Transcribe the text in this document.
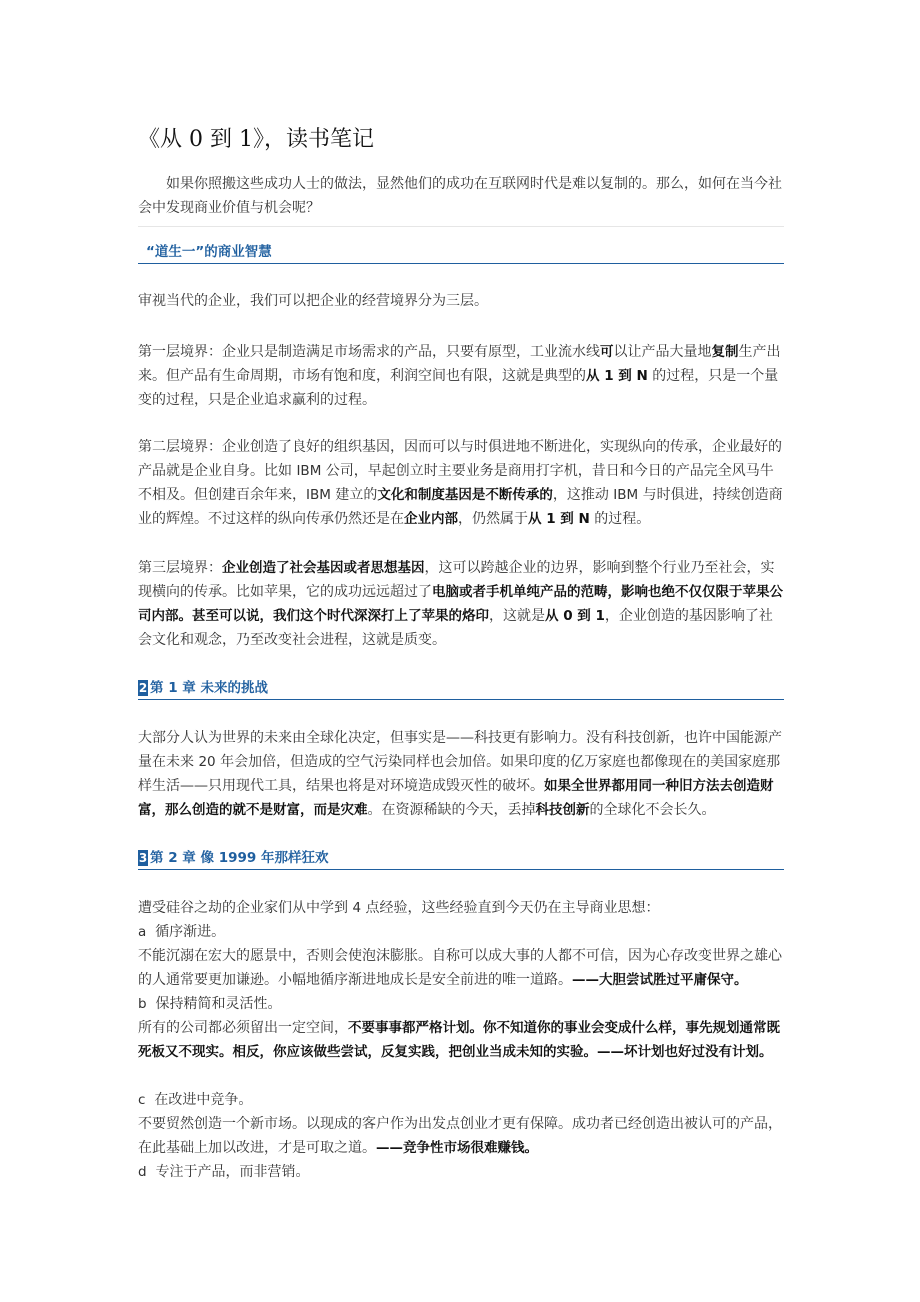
《从 0 到 1》，读书笔记
如果你照搬这些成功人士的做法，显然他们的成功在互联网时代是难以复制的。那么，如何在当今社会中发现商业价值与机会呢？
“道生一”的商业智慧

审视当代的企业，我们可以把企业的经营境界分为三层。

第一层境界：企业只是制造满足市场需求的产品，只要有原型，工业流水线可以让产品大量地复制生产出来。但产品有生命周期，市场有饱和度，利润空间也有限，这就是典型的从 1 到 N 的过程，只是一个量变的过程，只是企业追求赢利的过程。

第二层境界：企业创造了良好的组织基因，因而可以与时俱进地不断进化，实现纵向的传承，企业最好的产品就是企业自身。比如 IBM 公司，早起创立时主要业务是商用打字机，昔日和今日的产品完全风马牛不相及。但创建百余年来，IBM 建立的文化和制度基因是不断传承的，这推动 IBM 与时俱进，持续创造商业的辉煌。不过这样的纵向传承仍然还是在企业内部，仍然属于从 1 到 N 的过程。

第三层境界：企业创造了社会基因或者思想基因，这可以跨越企业的边界，影响到整个行业乃至社会，实现横向的传承。比如苹果，它的成功远远超过了电脑或者手机单纯产品的范畴，影响也绝不仅仅限于苹果公司内部。甚至可以说，我们这个时代深深打上了苹果的烙印，这就是从 0 到 1，企业创造的基因影响了社会文化和观念，乃至改变社会进程，这就是质变。

2 第 1 章 未来的挑战

大部分人认为世界的未来由全球化决定，但事实是——科技更有影响力。没有科技创新，也许中国能源产量在未来 20 年会加倍，但造成的空气污染同样也会加倍。如果印度的亿万家庭也都像现在的美国家庭那样生活——只用现代工具，结果也将是对环境造成毁灭性的破坏。如果全世界都用同一种旧方法去创造财富，那么创造的就不是财富，而是灾难。在资源稀缺的今天，丢掉科技创新的全球化不会长久。

3 第 2 章 像 1999 年那样狂欢

遭受硅谷之劫的企业家们从中学到 4 点经验，这些经验直到今天仍在主导商业思想：

a 循序渐进。

不能沉溺在宏大的愿景中，否则会使泡沫膨胀。自称可以成大事的人都不可信，因为心存改变世界之雄心的人通常要更加谦逊。小幅地循序渐进地成长是安全前进的唯一道路。——大胆尝试胜过平庸保守。

b 保持精简和灵活性。

所有的公司都必须留出一定空间，不要事事都严格计划。你不知道你的事业会变成什么样，事先规划通常既死板又不现实。相反，你应该做些尝试，反复实践，把创业当成未知的实验。——坏计划也好过没有计划。

c 在改进中竞争。

不要贸然创造一个新市场。以现成的客户作为出发点创业才更有保障。成功者已经创造出被认可的产品，在此基础上加以改进，才是可取之道。——竞争性市场很难赚钱。

d 专注于产品，而非营销。
